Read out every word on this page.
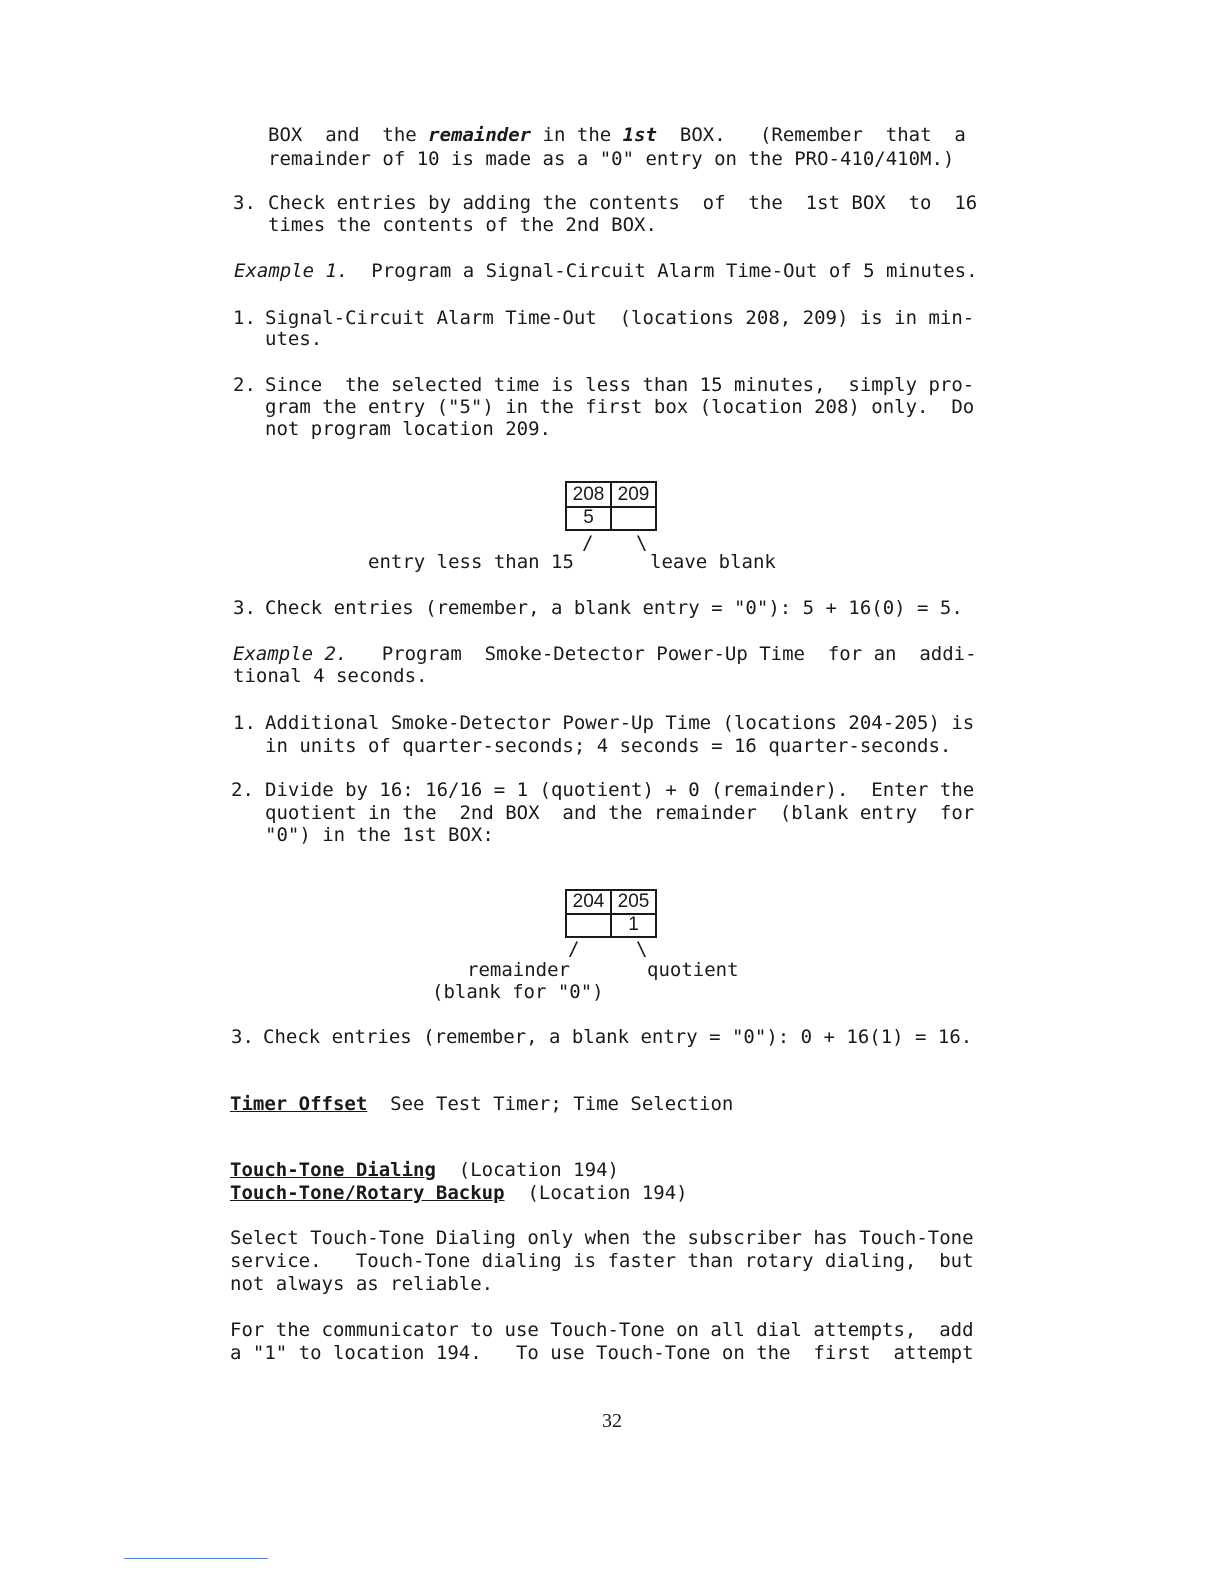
BOX  and  the remainder in the 1st BOX.   (Remember  that  a
remainder of 10 is made as a "0" entry on the PRO-410/410M.)
3. Check entries by adding the contents  of  the  1st BOX  to  16
times the contents of the 2nd BOX.
Example 1. Program a Signal-Circuit Alarm Time-Out of 5 minutes.
1. Signal-Circuit Alarm Time-Out  (locations 208, 209) is in min-
utes.
2. Since  the selected time is less than 15 minutes,  simply pro-
gram the entry ("5") in the first box (location 208) only.  Do
not program location 209.
208 209
5
/ \
entry less than 15	leave blank
3. Check entries (remember, a blank entry = "0"): 5 + 16(0) = 5.
Example 2. Program  Smoke-Detector Power-Up Time  for an  addi-
tional 4 seconds.
1. Additional Smoke-Detector Power-Up Time (locations 204-205) is
in units of quarter-seconds; 4 seconds = 16 quarter-seconds.
2. Divide by 16: 16/16 = 1 (quotient) + 0 (remainder).  Enter the
quotient in the  2nd BOX  and the remainder  (blank entry  for
"0") in the 1st BOX:
204 205
1
/	\
remainder
(blank for "0")
quotient
3. Check entries (remember, a blank entry = "0"): 0 + 16(1) = 16.
Timer Offset See Test Timer; Time Selection
Touch-Tone Dialing (Location 194)
Touch-Tone/Rotary Backup (Location 194)
Select Touch-Tone Dialing only when the subscriber has Touch-Tone
service.   Touch-Tone dialing is faster than rotary dialing,  but
not always as reliable.
For the communicator to use Touch-Tone on all dial attempts,  add
a "1" to location 194.   To use Touch-Tone on the  first  attempt
32
